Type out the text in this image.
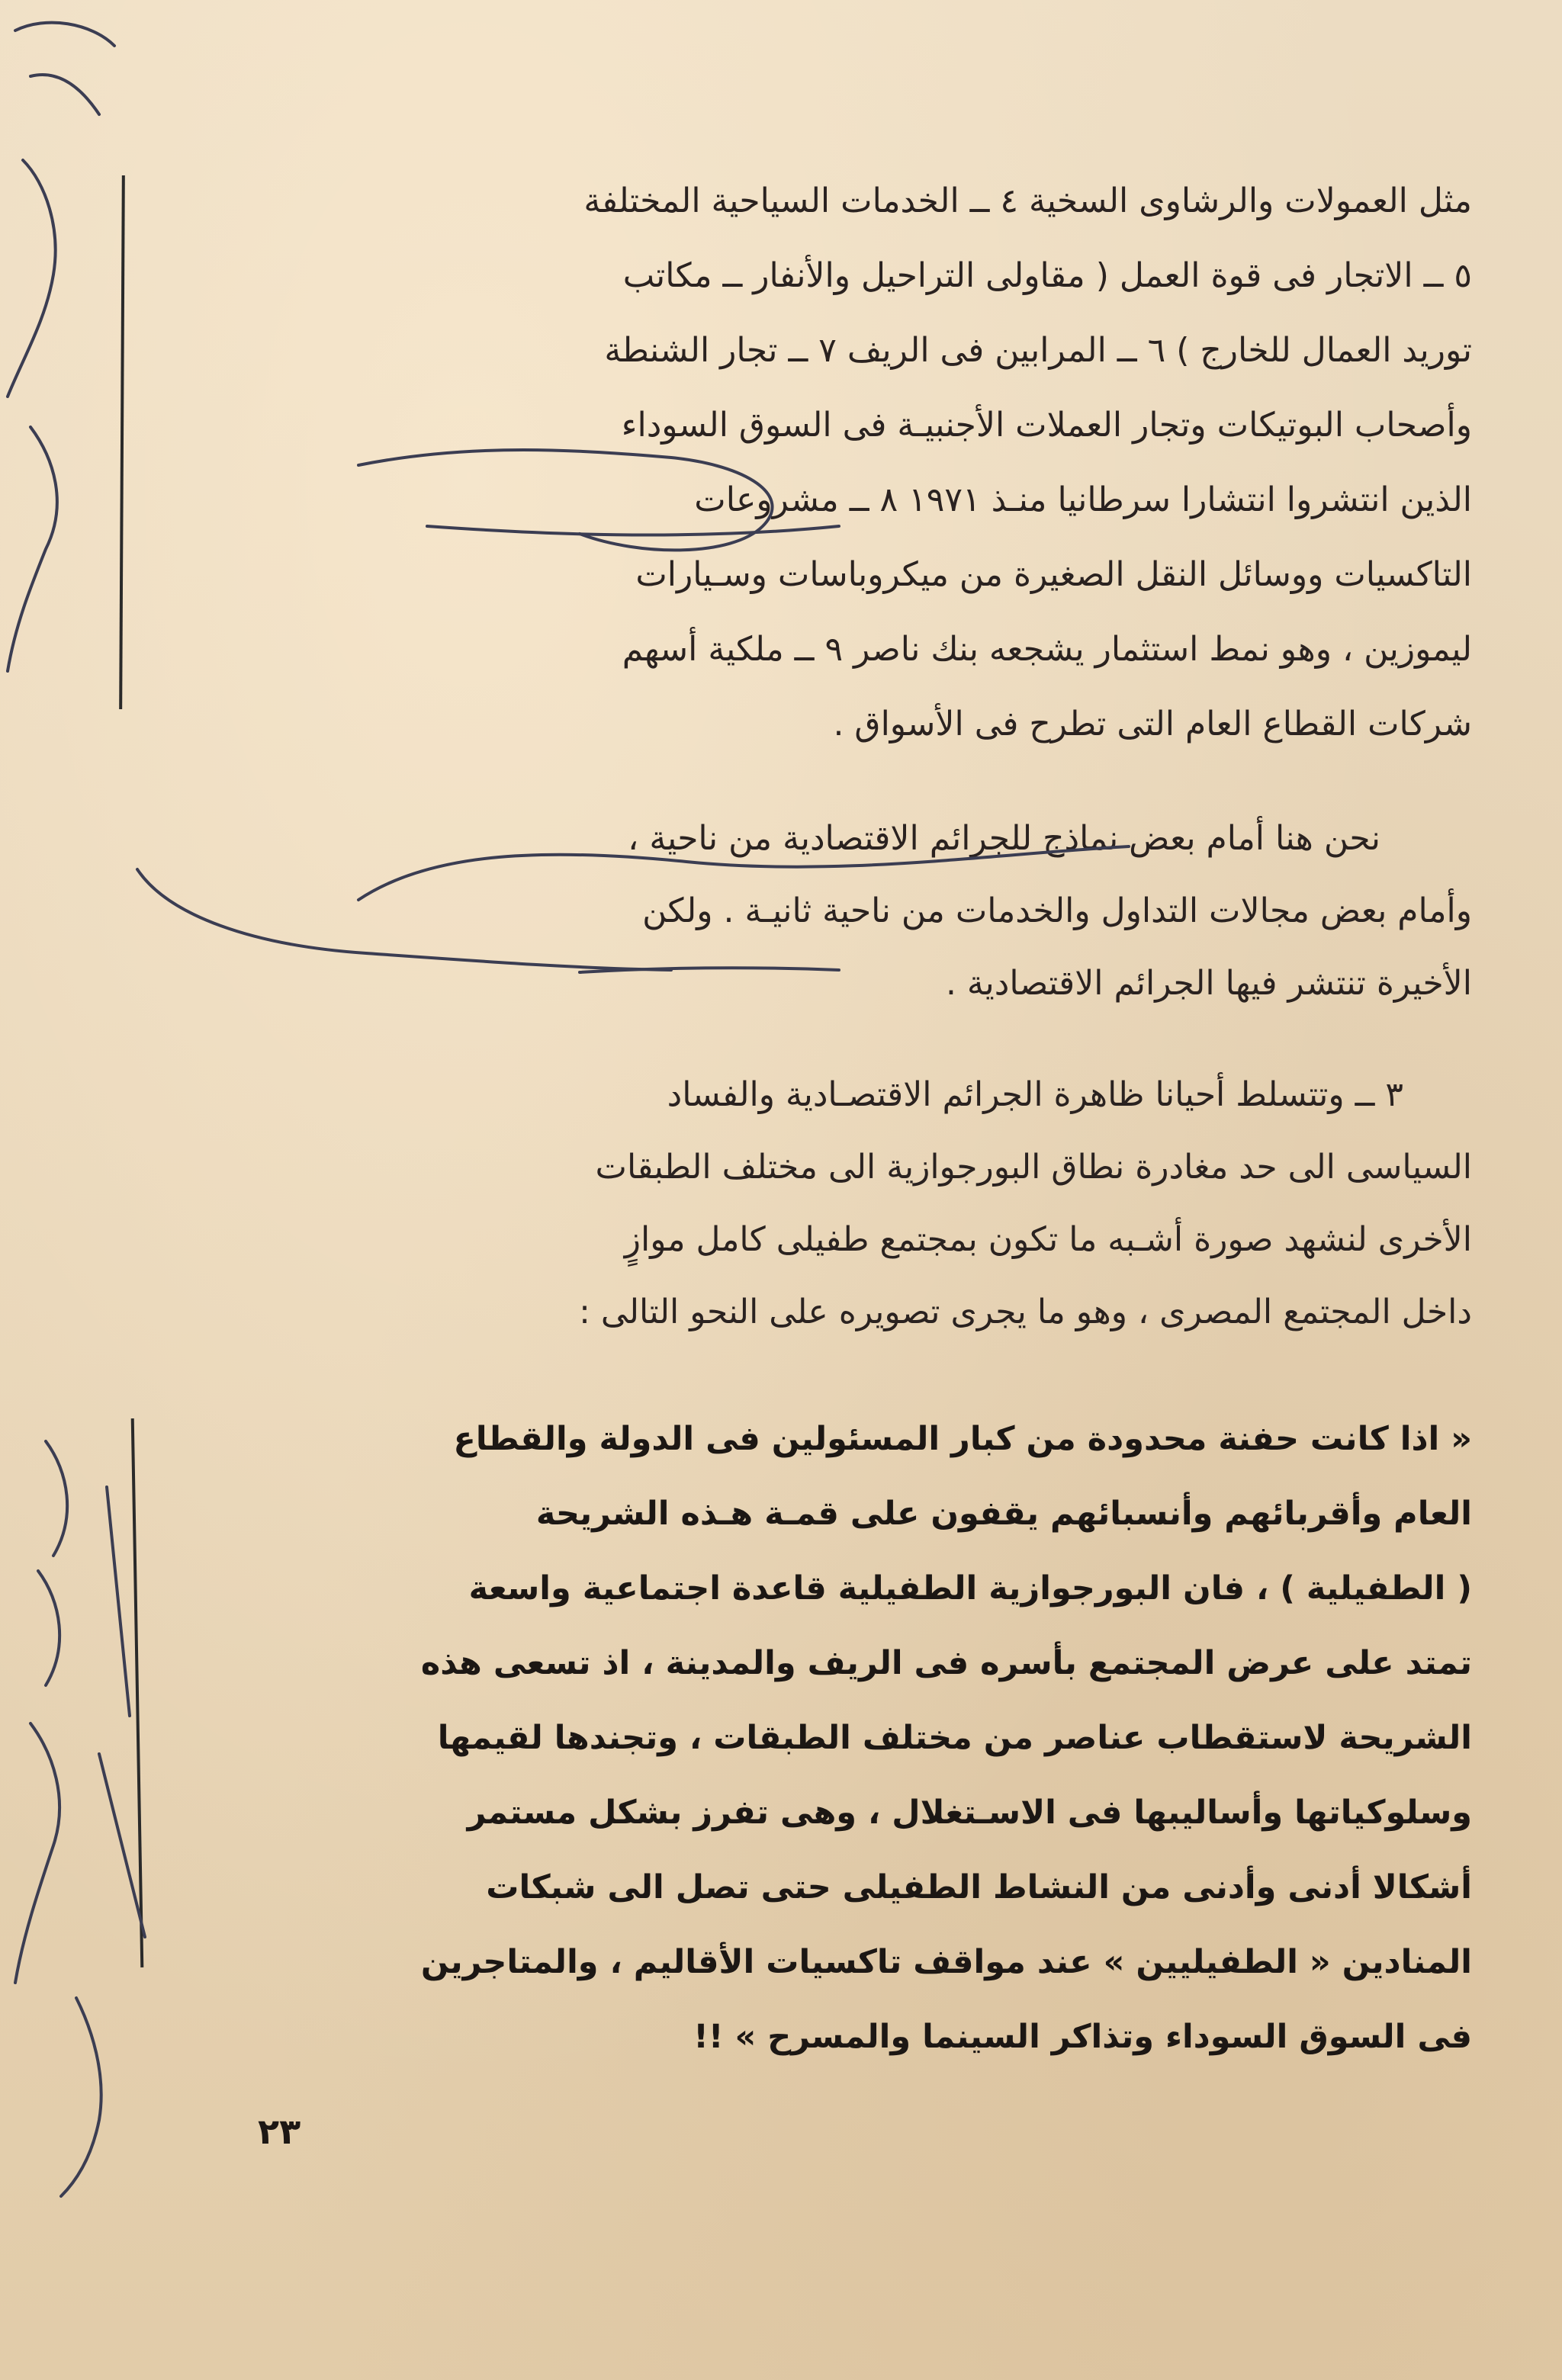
مثل العمولات والرشاوى السخية ٤ ــ الخدمات السياحية المختلفة
٥ ــ الاتجار فى قوة العمل ( مقاولى التراحيل والأنفار ــ مكاتب
توريد العمال للخارج ) ٦ ــ المرابين فى الريف ٧ ــ تجار الشنطة
وأصحاب البوتيكات وتجار العملات الأجنبيـة فى السوق السوداء
الذين انتشروا انتشارا سرطانيا منـذ ١٩٧١ ٨ ــ مشروعات
التاكسيات ووسائل النقل الصغيرة من ميكروباسات وسـيارات
ليموزين ، وهو نمط استثمار يشجعه بنك ناصر ٩ ــ ملكية أسهم
شركات القطاع العام التى تطرح فى الأسواق .
نحن هنا أمام بعض نماذج للجرائم الاقتصادية من ناحية ،
وأمام بعض مجالات التداول والخدمات من ناحية ثانيـة . ولكن
الأخيرة تنتشر فيها الجرائم الاقتصادية .
٣ ــ وتتسلط أحيانا ظاهرة الجرائم الاقتصـادية والفساد
السياسى الى حد مغادرة نطاق البورجوازية الى مختلف الطبقات
الأخرى لنشهد صورة أشـبه ما تكون بمجتمع طفيلى كامل موازٍ
داخل المجتمع المصرى ، وهو ما يجرى تصويره على النحو التالى :
« اذا كانت حفنة محدودة من كبار المسئولين فى الدولة والقطاع
العام وأقربائهم وأنسبائهم يقفون على قمـة هـذه الشريحة
( الطفيلية ) ، فان البورجوازية الطفيلية قاعدة اجتماعية واسعة
تمتد على عرض المجتمع بأسره فى الريف والمدينة ، اذ تسعى هذه
الشريحة لاستقطاب عناصر من مختلف الطبقات ، وتجندها لقيمها
وسلوكياتها وأساليبها فى الاسـتغلال ، وهى تفرز بشكل مستمر
أشكالا أدنى وأدنى من النشاط الطفيلى حتى تصل الى شبكات
المنادين « الطفيليين » عند مواقف تاكسيات الأقاليم ، والمتاجرين
فى السوق السوداء وتذاكر السينما والمسرح » !!
٢٣
